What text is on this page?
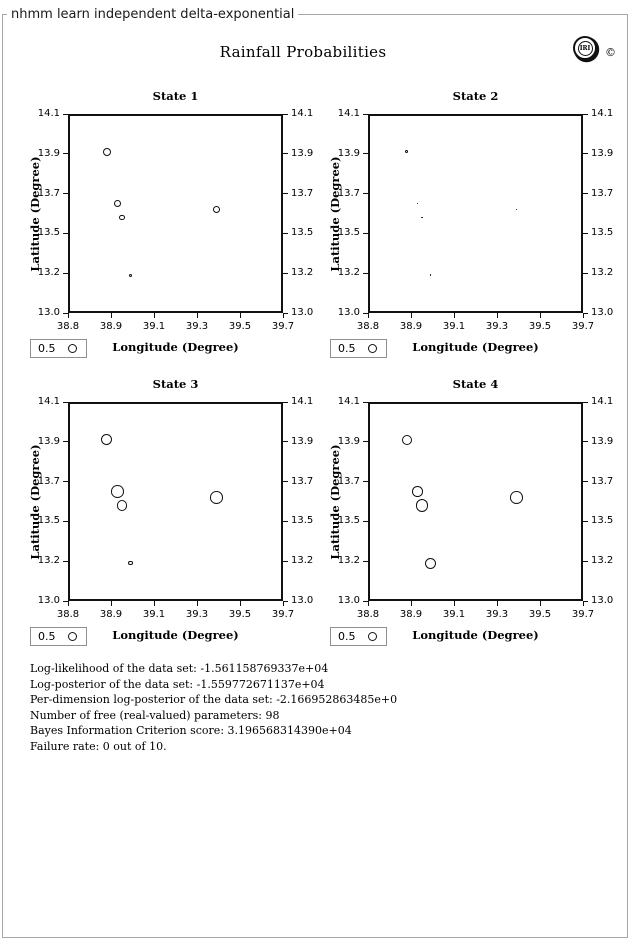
nhmm learn independent delta-exponential
Rainfall Probabilities	IRI ©
State 1
14.1	14.1
13.9	13.9
13.7	13.7
13.5	13.5
13.2	13.2
13.0	13.0
38.8	38.9	39.1	39.3	39.5	39.7
Latitude (Degree)
Longitude (Degree)
0.5
State 2
14.1	14.1
13.9	13.9
13.7	13.7
13.5	13.5
13.2	13.2
13.0	13.0
38.8	38.9	39.1	39.3	39.5	39.7
Latitude (Degree)
Longitude (Degree)
0.5
State 3
14.1	14.1
13.9	13.9
13.7	13.7
13.5	13.5
13.2	13.2
13.0	13.0
38.8	38.9	39.1	39.3	39.5	39.7
Latitude (Degree)
Longitude (Degree)
0.5
State 4
14.1	14.1
13.9	13.9
13.7	13.7
13.5	13.5
13.2	13.2
13.0	13.0
38.8	38.9	39.1	39.3	39.5	39.7
Latitude (Degree)
Longitude (Degree)
0.5
Log-likelihood of the data set: -1.561158769337e+04
Log-posterior of the data set: -1.559772671137e+04
Per-dimension log-posterior of the data set: -2.166952863485e+0
Number of free (real-valued) parameters: 98
Bayes Information Criterion score: 3.196568314390e+04
Failure rate: 0 out of 10.
